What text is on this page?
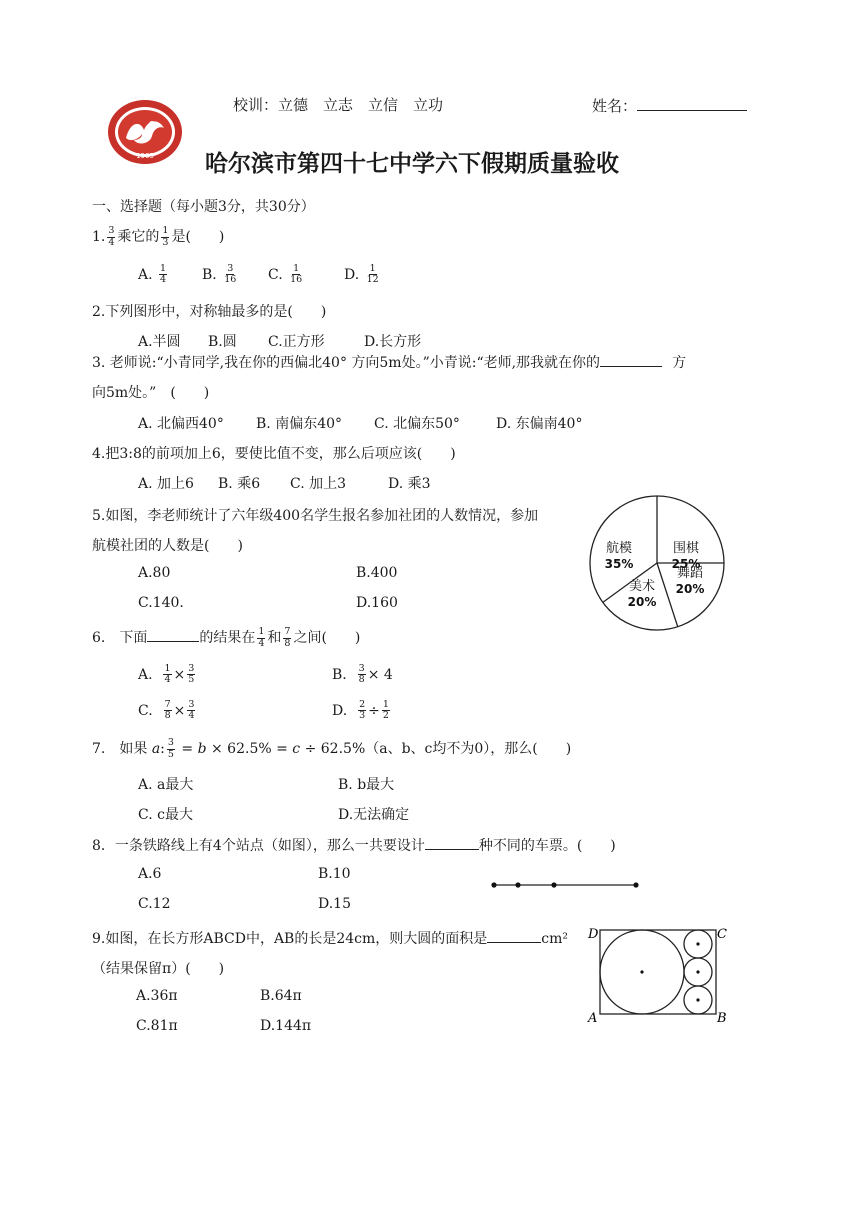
1965
校训：立德　立志　立信　立功	姓名：
哈尔滨市第四十七中学六下假期质量验收
一、选择题（每小题3分，共30分）
1. $\frac{3}{4}$ 乘它的 $\frac{1}{3}$ 是(　　)
A. $\frac{1}{4} B$. $\frac{3}{16} C$. $\frac{1}{16}$	D. $\frac{1}{12}$
2.下列图形中，对称轴最多的是(　　)
A.半圆 B.圆 C.正方形	D.长方形
3. 老师说:“小青同学,我在你的西偏北40° 方向5m处。”小青说:“老师,那我就在你的	方
向5m处。”　(　　)
A. 北偏西40° B. 南偏东40° C. 北偏东50°	D. 东偏南40°
4.把3:8的前项加上6，要使比值不变，那么后项应该(　　)
A. 加上6 B. 乘6 C. 加上3	D. 乘3
5.如图，李老师统计了六年级400名学生报名参加社团的人数情况，参加
航模社团的人数是(　　)
A.80	B.400
C.140.	D.160
航模
35%
围棋
25%
舞蹈
20%
美术
20%
6.　下面	的结果在 $\frac{1}{4}$ 和 $\frac{7}{8}$ 之间(　　)
A. $\frac{1}{4} \times \frac{3}{5}$	B. $\frac{3}{8} \times 4$
C. $\frac{7}{8} \times \frac{3}{4}$	D. $\frac{2}{3} \div \frac{1}{2}$
7.　如果 a: $\frac{3}{5} = b \times 62.5\% = c \div 62.5\%(a$、b、c均不为0），那么(　　)
A. a最大	B. b最大
C. c最大	D.无法确定
8．一条铁路线上有4个站点（如图），那么一共要设计	种不同的车票。(　　)
A.6	B.10
C.12	D.15
9.如图，在长方形ABCD中，AB的长是24cm，则大圆的面积是	cm²
（结果保留π）(　　)
A.36π	B.64π
C.81π	D.144π
D	C
A	B
